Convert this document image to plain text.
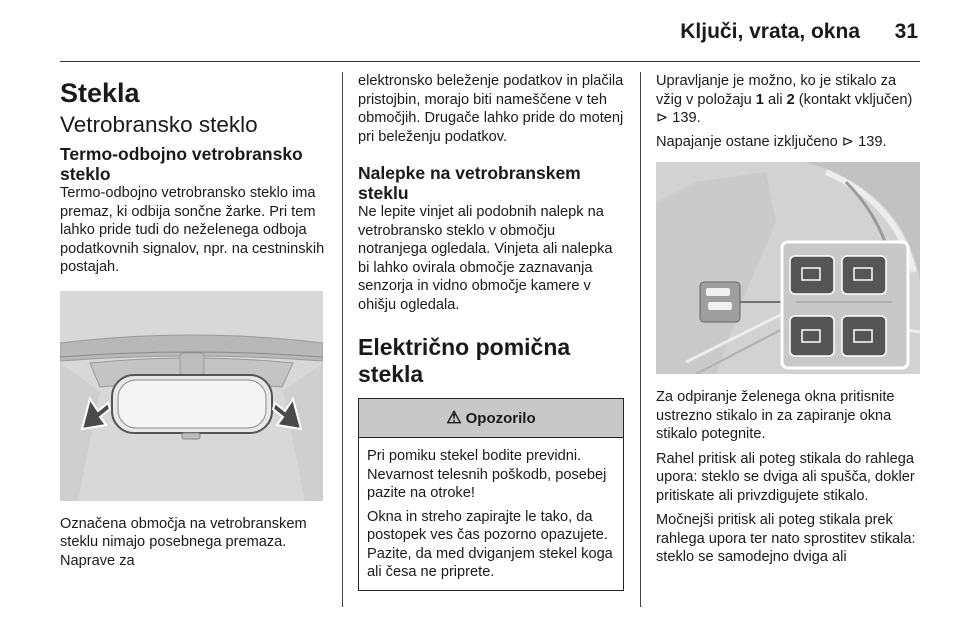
Ključi, vrata, okna	31
Stekla
Vetrobransko steklo
Termo-odbojno vetrobransko steklo

Termo-odbojno vetrobransko steklo ima premaz, ki odbija sončne žarke. Pri tem lahko pride tudi do neželenega odboja podatkovnih signalov, npr. na cestninskih postajah.

Označena območja na vetrobranskem steklu nimajo posebnega premaza. Naprave za

elektronsko beleženje podatkov in plačila pristojbin, morajo biti nameščene v teh območjih. Drugače lahko pride do motenj pri beleženju podatkov.

Nalepke na vetrobranskem steklu

Ne lepite vinjet ali podobnih nalepk na vetrobransko steklo v območju notranjega ogledala. Vinjeta ali nalepka bi lahko ovirala območje zaznavanja senzorja in vidno območje kamere v ohišju ogledala.

Električno pomična stekla
⚠ Opozorilo

Pri pomiku stekel bodite previdni. Nevarnost telesnih poškodb, posebej pazite na otroke!

Okna in streho zapirajte le tako, da postopek ves čas pozorno opazujete. Pazite, da med dviganjem stekel koga ali česa ne priprete.

Upravljanje je možno, ko je stikalo za vžig v položaju 1 ali 2 (kontakt vključen) ⊳ 139.

Napajanje ostane izključeno ⊳ 139.

Za odpiranje želenega okna pritisnite ustrezno stikalo in za zapiranje okna stikalo potegnite.

Rahel pritisk ali poteg stikala do rahlega upora: steklo se dviga ali spušča, dokler pritiskate ali privzdigujete stikalo.

Močnejši pritisk ali poteg stikala prek rahlega upora ter nato sprostitev stikala: steklo se samodejno dviga ali
